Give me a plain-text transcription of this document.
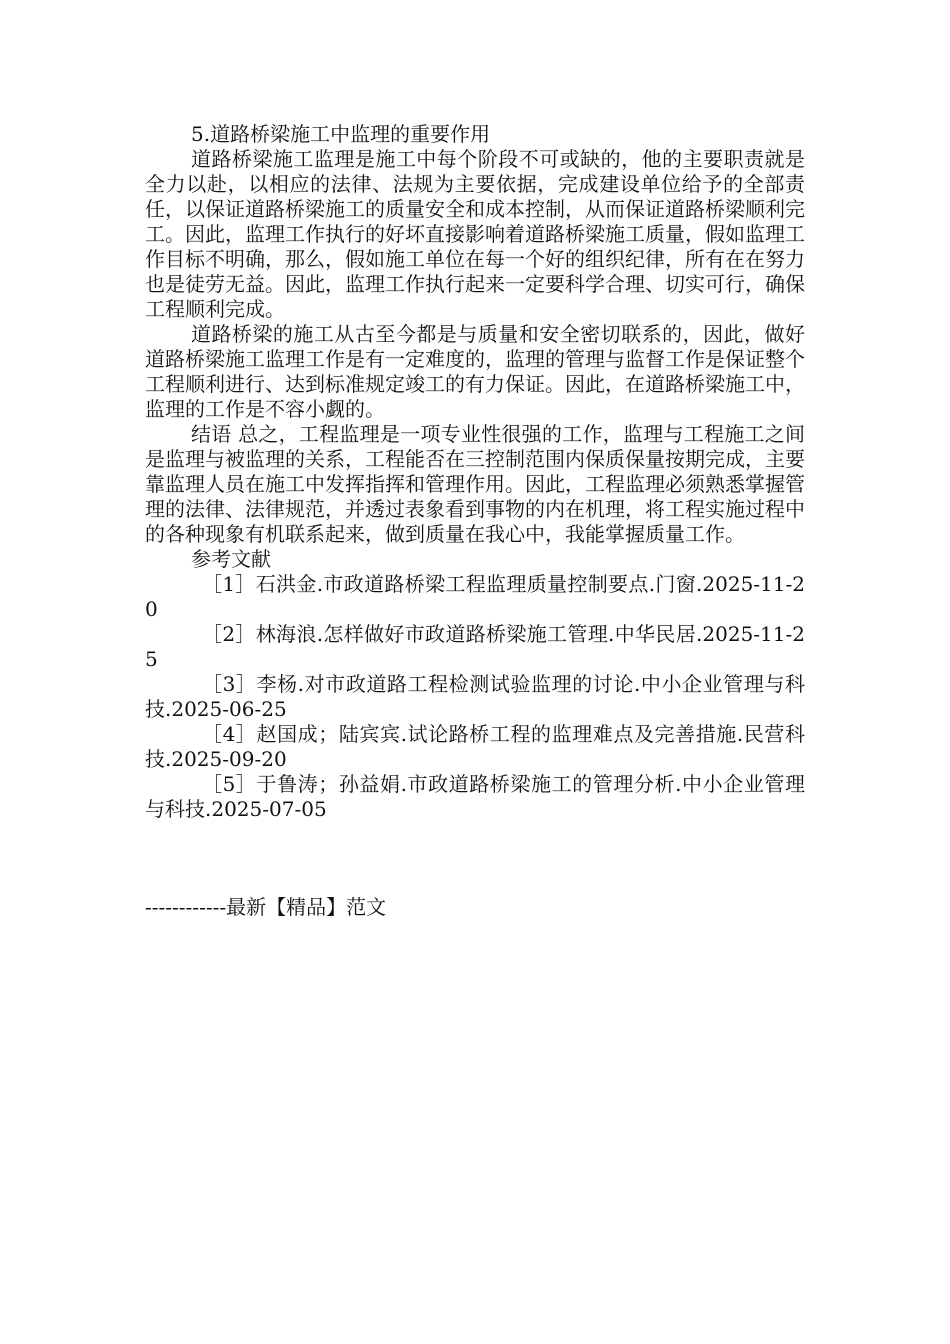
5.道路桥梁施工中监理的重要作用

道路桥梁施工监理是施工中每个阶段不可或缺的，他的主要职责就是全力以赴，以相应的法律、法规为主要依据，完成建设单位给予的全部责任，以保证道路桥梁施工的质量安全和成本控制，从而保证道路桥梁顺利完工。因此，监理工作执行的好坏直接影响着道路桥梁施工质量，假如监理工作目标不明确，那么，假如施工单位在每一个好的组织纪律，所有在在努力也是徒劳无益。因此，监理工作执行起来一定要科学合理、切实可行，确保工程顺利完成。

道路桥梁的施工从古至今都是与质量和安全密切联系的，因此，做好道路桥梁施工监理工作是有一定难度的，监理的管理与监督工作是保证整个工程顺利进行、达到标准规定竣工的有力保证。因此，在道路桥梁施工中，监理的工作是不容小觑的。

结语 总之，工程监理是一项专业性很强的工作，监理与工程施工之间是监理与被监理的关系，工程能否在三控制范围内保质保量按期完成，主要靠监理人员在施工中发挥指挥和管理作用。因此，工程监理必须熟悉掌握管理的法律、法律规范，并透过表象看到事物的内在机理，将工程实施过程中的各种现象有机联系起来，做到质量在我心中，我能掌握质量工作。

参考文献

［1］石洪金.市政道路桥梁工程监理质量控制要点.门窗.2025-11-20

［2］林海浪.怎样做好市政道路桥梁施工管理.中华民居.2025-11-25

［3］李杨.对市政道路工程检测试验监理的讨论.中小企业管理与科技.2025-06-25

［4］赵国成；陆宾宾.试论路桥工程的监理难点及完善措施.民营科技.2025-09-20

［5］于鲁涛；孙益娟.市政道路桥梁施工的管理分析.中小企业管理与科技.2025-07-05

------------最新【精品】范文
